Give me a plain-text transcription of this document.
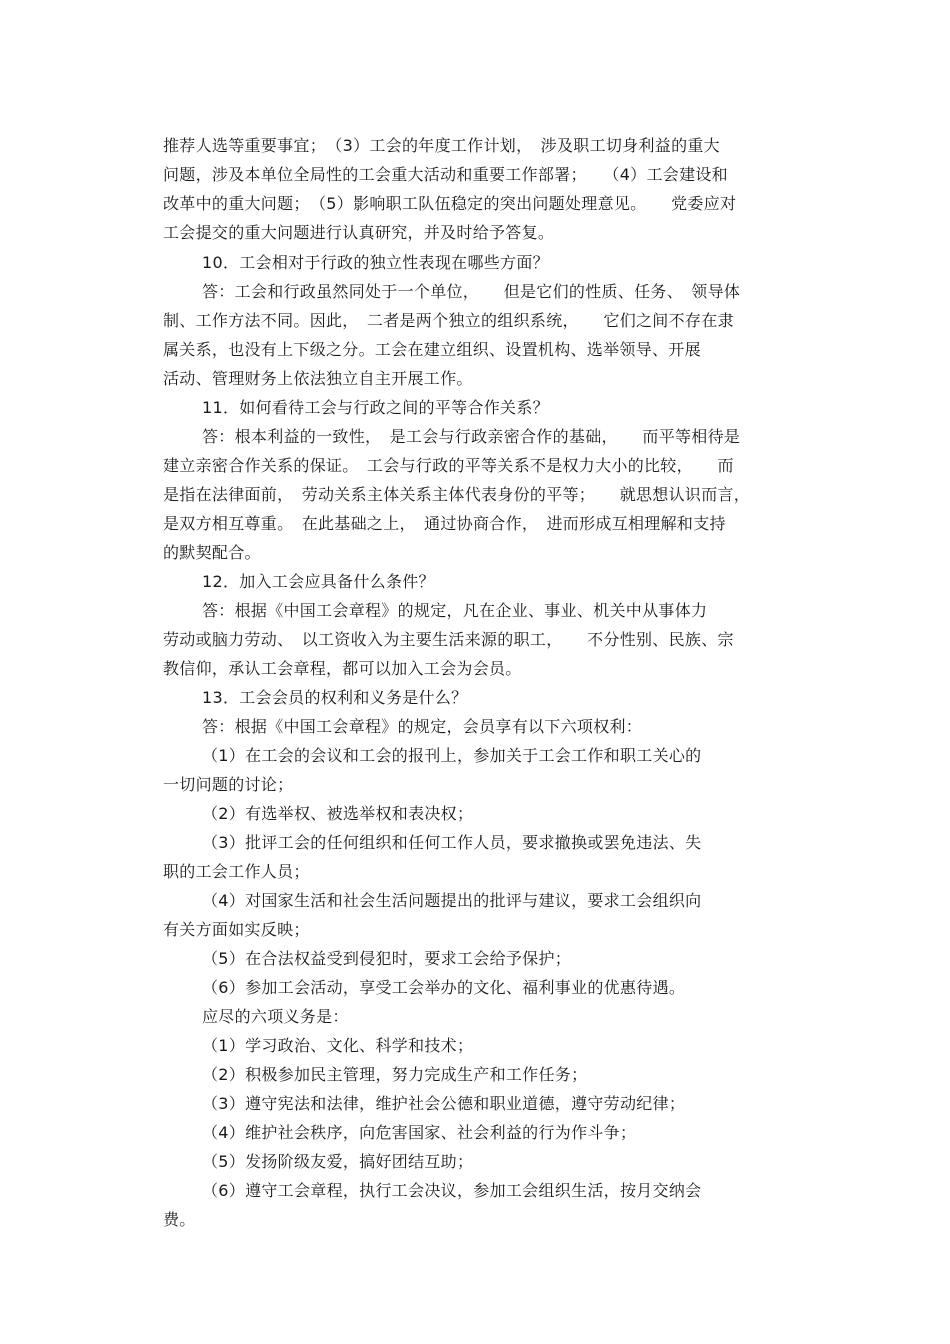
推荐人选等重要事宜；　（3）工会的年度工作计划，　涉及职工切身利益的重大

问题，涉及本单位全局性的工会重大活动和重要工作部署；　　（4）工会建设和

改革中的重大问题；　（5）影响职工队伍稳定的突出问题处理意见。　　党委应对

工会提交的重大问题进行认真研究，并及时给予答复。

10．工会相对于行政的独立性表现在哪些方面？

答：工会和行政虽然同处于一个单位，　　但是它们的性质、任务、　领导体

制、工作方法不同。因此，　二者是两个独立的组织系统，　　它们之间不存在隶

属关系，也没有上下级之分。工会在建立组织、设置机构、选举领导、开展

活动、管理财务上依法独立自主开展工作。

11．如何看待工会与行政之间的平等合作关系？

答：根本利益的一致性，　是工会与行政亲密合作的基础，　　而平等相待是

建立亲密合作关系的保证。　工会与行政的平等关系不是权力大小的比较，　　而

是指在法律面前，　劳动关系主体关系主体代表身份的平等；　　就思想认识而言，

是双方相互尊重。　在此基础之上，　通过协商合作，　进而形成互相理解和支持

的默契配合。

12．加入工会应具备什么条件？

答：根据《中国工会章程》的规定，凡在企业、事业、机关中从事体力

劳动或脑力劳动、　以工资收入为主要生活来源的职工，　　不分性别、民族、宗

教信仰，承认工会章程，都可以加入工会为会员。

13．工会会员的权利和义务是什么？

答：根据《中国工会章程》的规定，会员享有以下六项权利：

（1）在工会的会议和工会的报刊上，参加关于工会工作和职工关心的

一切问题的讨论；

（2）有选举权、被选举权和表决权；

（3）批评工会的任何组织和任何工作人员，要求撤换或罢免违法、失

职的工会工作人员；

（4）对国家生活和社会生活问题提出的批评与建议，要求工会组织向

有关方面如实反映；

（5）在合法权益受到侵犯时，要求工会给予保护；

（6）参加工会活动，享受工会举办的文化、福利事业的优惠待遇。

应尽的六项义务是：

（1）学习政治、文化、科学和技术；

（2）积极参加民主管理，努力完成生产和工作任务；

（3）遵守宪法和法律，维护社会公德和职业道德，遵守劳动纪律；

（4）维护社会秩序，向危害国家、社会利益的行为作斗争；

（5）发扬阶级友爱，搞好团结互助；

（6）遵守工会章程，执行工会决议，参加工会组织生活，按月交纳会

费。
